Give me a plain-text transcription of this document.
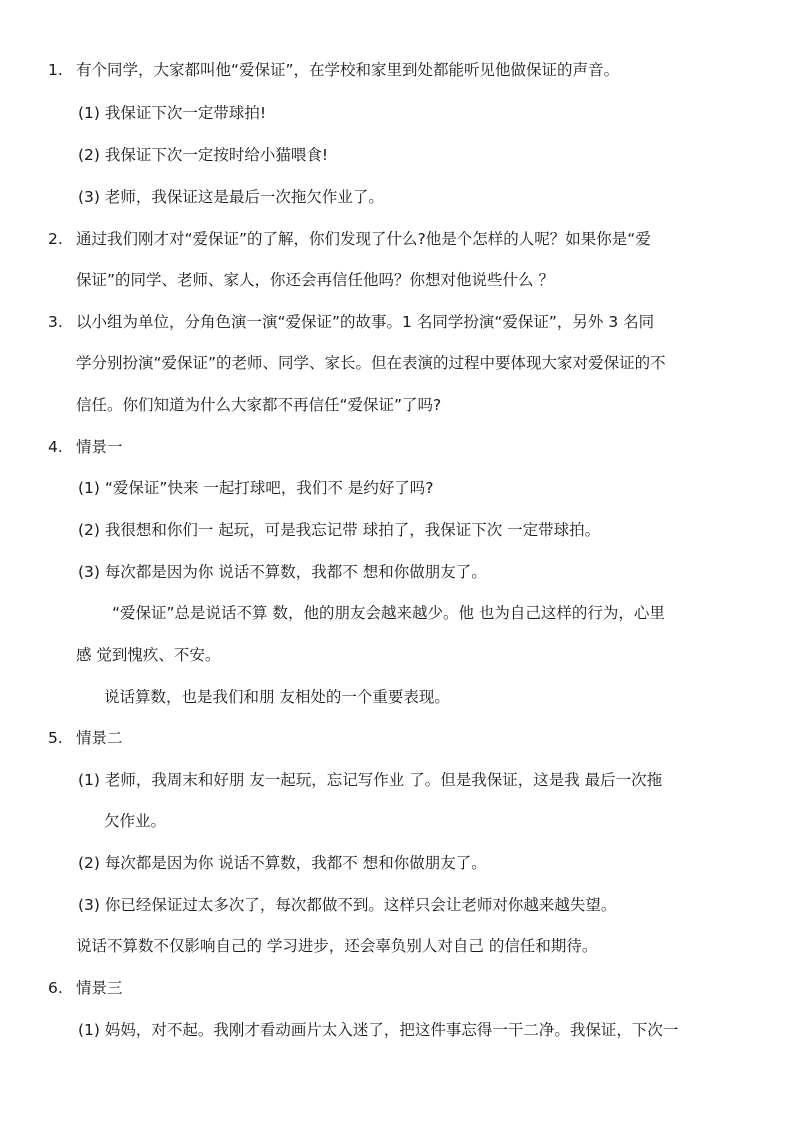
1. 有个同学，大家都叫他“爱保证”，在学校和家里到处都能听见他做保证的声音。
(1) 我保证下次一定带球拍!
(2) 我保证下次一定按时给小猫喂食!
(3) 老师，我保证这是最后一次拖欠作业了。
2. 通过我们刚才对“爱保证”的了解，你们发现了什么?他是个怎样的人呢？如果你是“爱
保证”的同学、老师、家人，你还会再信任他吗？你想对他说些什么 ？
3. 以小组为单位，分角色演一演“爱保证”的故事。1 名同学扮演“爱保证”，另外 3 名同
学分别扮演“爱保证”的老师、同学、家长。但在表演的过程中要体现大家对爱保证的不
信任。你们知道为什么大家都不再信任“爱保证”了吗?
4. 情景一
(1) “爱保证”快来 一起打球吧，我们不 是约好了吗?
(2) 我很想和你们一 起玩，可是我忘记带 球拍了，我保证下次 一定带球拍。
(3) 每次都是因为你 说话不算数，我都不 想和你做朋友了。
“爱保证”总是说话不算 数，他的朋友会越来越少。他 也为自己这样的行为，心里
感 觉到愧疚、不安。
说话算数，也是我们和朋 友相处的一个重要表现。
5. 情景二
(1) 老师，我周末和好朋 友一起玩，忘记写作业 了。但是我保证，这是我 最后一次拖
欠作业。
(2) 每次都是因为你 说话不算数，我都不 想和你做朋友了。
(3) 你已经保证过太多次了，每次都做不到。这样只会让老师对你越来越失望。
说话不算数不仅影响自己的 学习进步，还会辜负别人对自己 的信任和期待。
6. 情景三
(1) 妈妈，对不起。我刚才看动画片太入迷了，把这件事忘得一干二净。我保证，下次一
